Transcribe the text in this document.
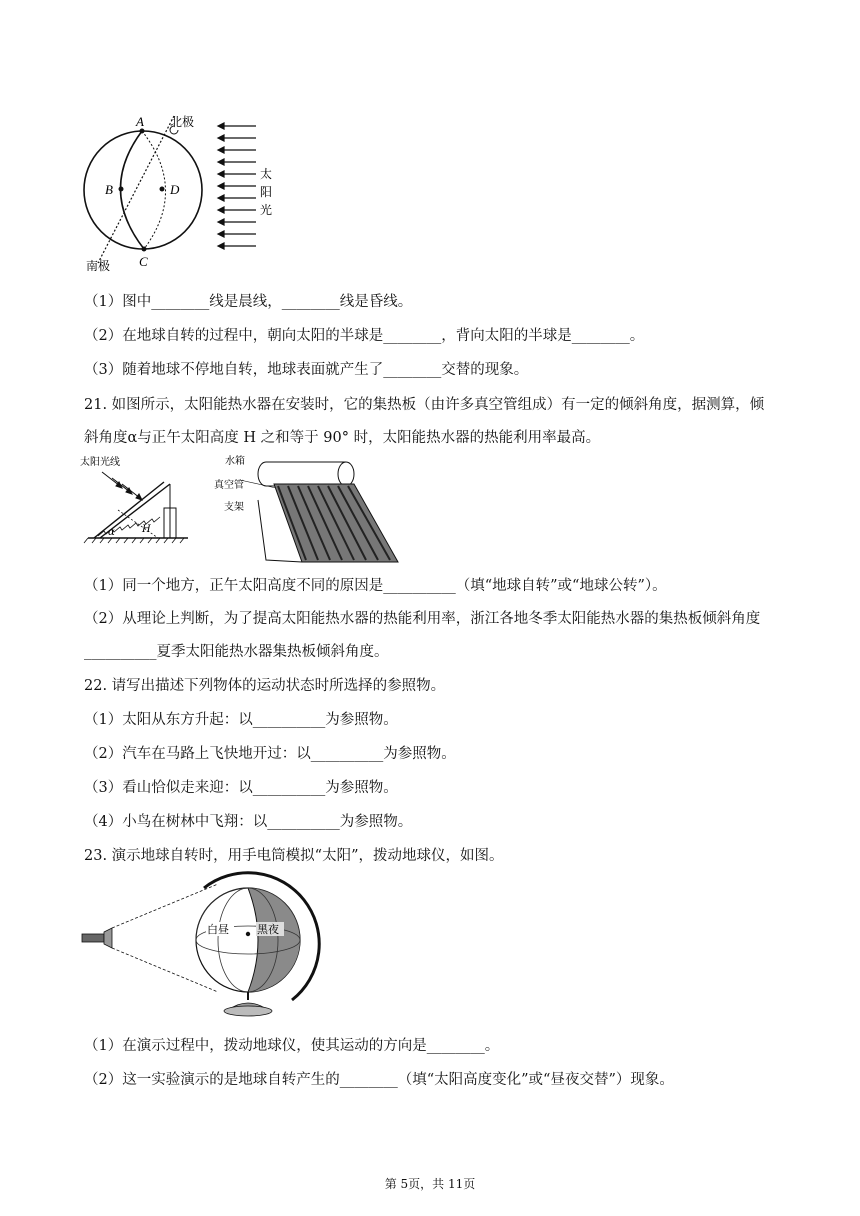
A
B	D
C
北极
南极
太
阳
光
（1）图中________线是晨线，________线是昏线。
（2）在地球自转的过程中，朝向太阳的半球是________，背向太阳的半球是________。
（3）随着地球不停地自转，地球表面就产生了________交替的现象。
21. 如图所示，太阳能热水器在安装时，它的集热板（由许多真空管组成）有一定的倾斜角度，据测算，倾
斜角度α与正午太阳高度 H 之和等于 90° 时，太阳能热水器的热能利用率最高。
太阳光线
α	H
水箱
真空管
支架
（1）同一个地方，正午太阳高度不同的原因是__________（填“地球自转”或“地球公转”）。
（2）从理论上判断，为了提高太阳能热水器的热能利用率，浙江各地冬季太阳能热水器的集热板倾斜角度
__________夏季太阳能热水器集热板倾斜角度。
22. 请写出描述下列物体的运动状态时所选择的参照物。
（1）太阳从东方升起：以__________为参照物。
（2）汽车在马路上飞快地开过：以__________为参照物。
（3）看山恰似走来迎：以__________为参照物。
（4）小鸟在树林中飞翔：以__________为参照物。
23. 演示地球自转时，用手电筒模拟“太阳”，拨动地球仪，如图。
白昼	黑夜
（1）在演示过程中，拨动地球仪，使其运动的方向是________。
（2）这一实验演示的是地球自转产生的________（填“太阳高度变化”或“昼夜交替”）现象。
第 5页，共 11页
